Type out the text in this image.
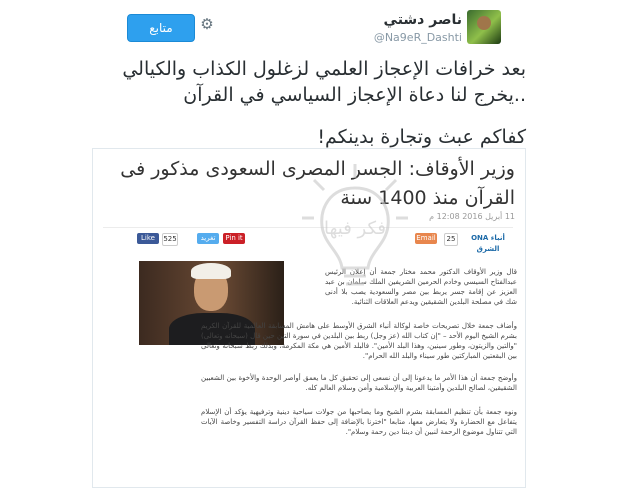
ناصر دشتي
@Na9eR_Dashti
متابع	⚙
بعد خرافات الإعجاز العلمي لزغلول الكذاب والكيالي
..يخرج لنا دعاة الإعجاز السياسي في القرآن
كفاكم عبث وتجارة بدينكم!
وزير الأوقاف: الجسر المصرى السعودى مذكور فى القرآن منذ 1400 سنة
11 أبريل 2016 12:08 م
Like	525	تغريد	Pin it	Email	25	ONA أنباء الشرق
قال وزير الأوقاف الدكتور محمد مختار جمعة أن إعلان الرئيس عبدالفتاح السيسي وخادم الحرمين الشريفين الملك سلمان بن عبد العزيز عن إقامة جسر يربط بين مصر والسعودية يصب بلا أدنى شك في مصلحة البلدين الشقيقين ويدعم العلاقات الثنائية.
وأضاف جمعة خلال تصريحات خاصة لوكالة أنباء الشرق الأوسط على هامش المسابقة العالمية للقرآن الكريم بشرم الشيخ اليوم الأحد – "إن كتاب الله (عز وجل) ربط بين البلدين في سورة التين حين قال (سبحانه وتعالى) "والتين والزيتون، وطور سينين، وهذا البلد الأمين". فالبلد الأمين هي مكة المكرمة، وبذلك ربط سبحانه وتعالى بين البقعتين المباركتين طور سيناء والبلد الله الحرام".
وأوضح جمعة أن هذا الأمر ما يدعونا إلى أن نسعى إلى تحقيق كل ما يعمق أواصر الوحدة والأخوة بين الشعبين الشقيقين، لصالح البلدين وأمتينا العربية والإسلامية وأمن وسلام العالم كله.
ونوه جمعة بأن تنظيم المسابقة بشرم الشيخ وما يصاحبها من جولات سياحية دينية وترفيهية يؤكد أن الإسلام يتفاعل مع الحضارة ولا يتعارض معها، متابعا "اخترنا بالإضافة إلى حفظ القرآن دراسة التفسير وخاصة الآيات التي تتناول موضوع الرحمة لنبين أن ديننا دين رحمة وسلام".
فكر فيها
